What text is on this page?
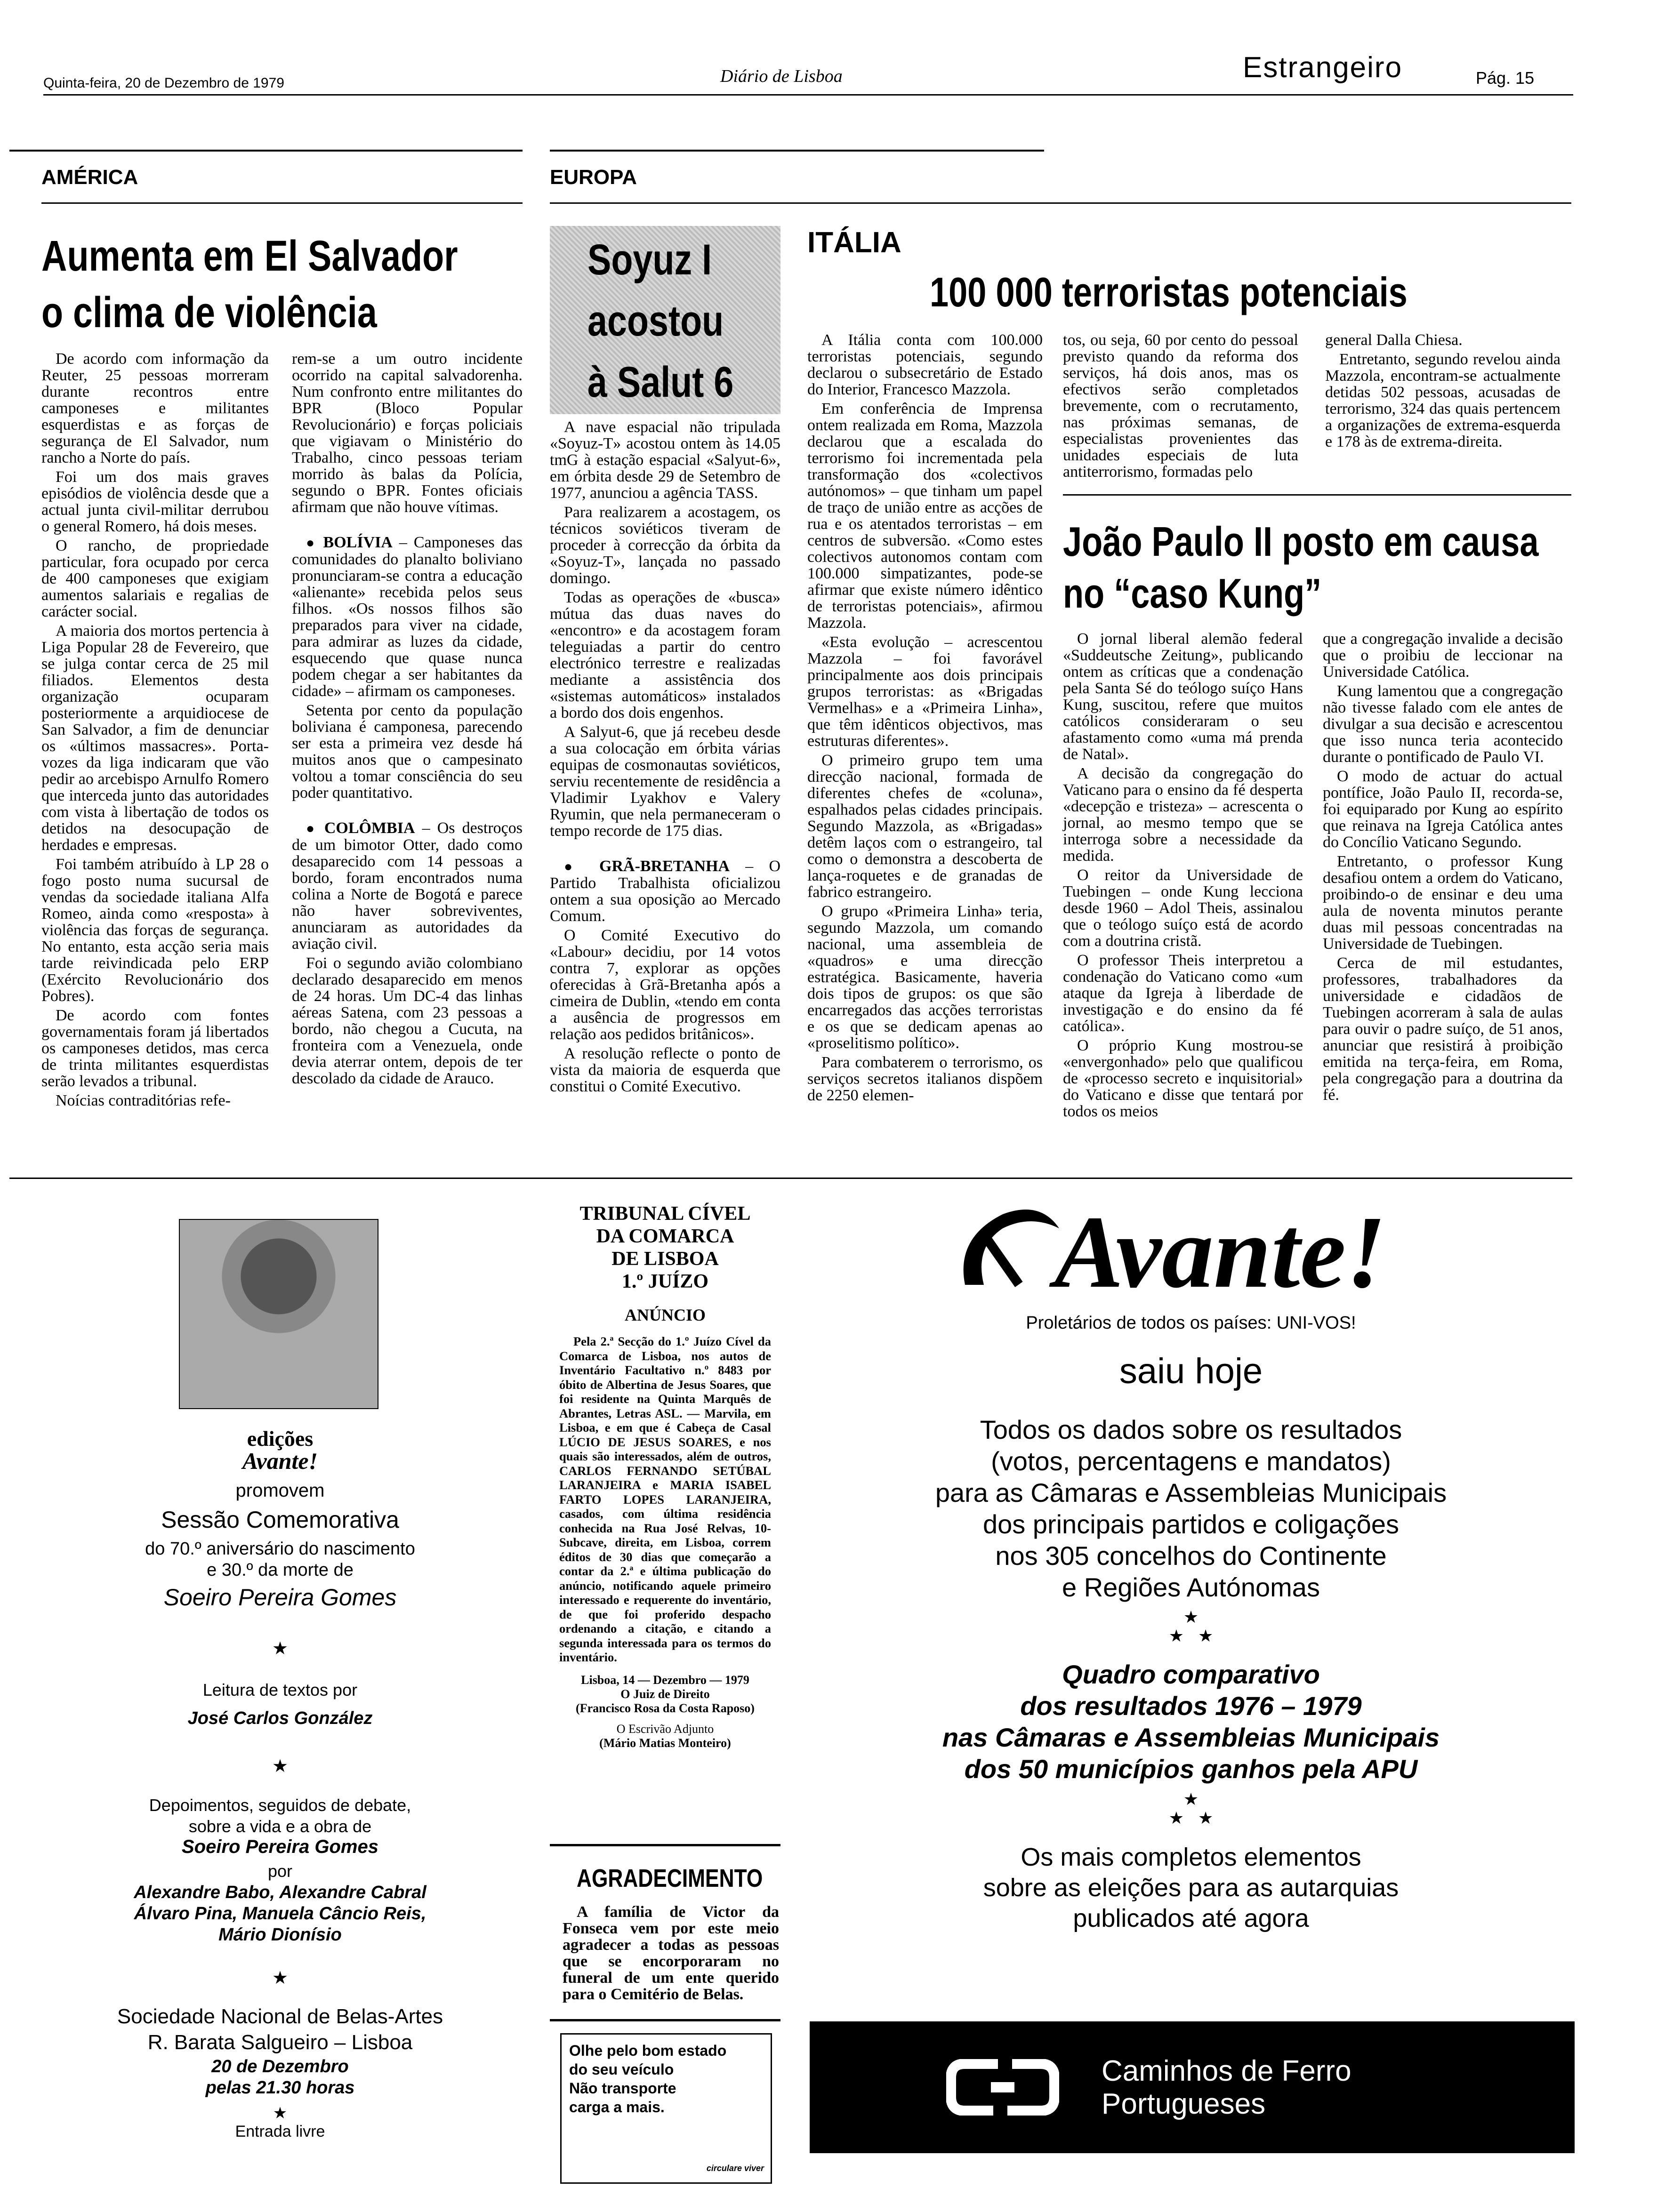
Quinta-feira, 20 de Dezembro de 1979	Diário de Lisboa	Estrangeiro	Pág. 15
AMÉRICA
Aumenta em El Salvador
o clima de violência

De acordo com informação da Reuter, 25 pessoas morreram durante recontros entre camponeses e militantes esquerdistas e as forças de segurança de El Salvador, num rancho a Norte do país.

Foi um dos mais graves episódios de violência desde que a actual junta civil-militar derrubou o general Romero, há dois meses.

O rancho, de propriedade particular, fora ocupado por cerca de 400 camponeses que exigiam aumentos salariais e regalias de carácter social.

A maioria dos mortos pertencia à Liga Popular 28 de Fevereiro, que se julga contar cerca de 25 mil filiados. Elementos desta organização ocuparam posteriormente a arquidiocese de San Salvador, a fim de denunciar os «últimos massacres». Porta-vozes da liga indicaram que vão pedir ao arcebispo Arnulfo Romero que interceda junto das autoridades com vista à libertação de todos os detidos na desocupação de herdades e empresas.

Foi também atribuído à LP 28 o fogo posto numa sucursal de vendas da sociedade italiana Alfa Romeo, ainda como «resposta» à violência das forças de segurança. No entanto, esta acção seria mais tarde reivindicada pelo ERP (Exército Revolucionário dos Pobres).

De acordo com fontes governamentais foram já libertados os camponeses detidos, mas cerca de trinta militantes esquerdistas serão levados a tribunal.

Noícias contraditórias refe-

rem-se a um outro incidente ocorrido na capital salvadorenha. Num confronto entre militantes do BPR (Bloco Popular Revolucionário) e forças policiais que vigiavam o Ministério do Trabalho, cinco pessoas teriam morrido às balas da Polícia, segundo o BPR. Fontes oficiais afirmam que não houve vítimas.

● BOLÍVIA – Camponeses das comunidades do planalto boliviano pronunciaram-se contra a educação «alienante» recebida pelos seus filhos. «Os nossos filhos são preparados para viver na cidade, para admirar as luzes da cidade, esquecendo que quase nunca podem chegar a ser habitantes da cidade» – afirmam os camponeses.

Setenta por cento da população boliviana é camponesa, parecendo ser esta a primeira vez desde há muitos anos que o campesinato voltou a tomar consciência do seu poder quantitativo.

● COLÔMBIA – Os destroços de um bimotor Otter, dado como desaparecido com 14 pessoas a bordo, foram encontrados numa colina a Norte de Bogotá e parece não haver sobreviventes, anunciaram as autoridades da aviação civil.

Foi o segundo avião colombiano declarado desaparecido em menos de 24 horas. Um DC-4 das linhas aéreas Satena, com 23 pessoas a bordo, não chegou a Cucuta, na fronteira com a Venezuela, onde devia aterrar ontem, depois de ter descolado da cidade de Arauco.

EUROPA
Soyuz I
acostou
à Salut 6

A nave espacial não tripulada «Soyuz-T» acostou ontem às 14.05 tmG à estação espacial «Salyut-6», em órbita desde 29 de Setembro de 1977, anunciou a agência TASS.

Para realizarem a acostagem, os técnicos soviéticos tiveram de proceder à correcção da órbita da «Soyuz-T», lançada no passado domingo.

Todas as operações de «busca» mútua das duas naves do «encontro» e da acostagem foram teleguiadas a partir do centro electrónico terrestre e realizadas mediante a assistência dos «sistemas automáticos» instalados a bordo dos dois engenhos.

A Salyut-6, que já recebeu desde a sua colocação em órbita várias equipas de cosmonautas soviéticos, serviu recentemente de residência a Vladimir Lyakhov e Valery Ryumin, que nela permaneceram o tempo recorde de 175 dias.

● GRÃ-BRETANHA – O Partido Trabalhista oficializou ontem a sua oposição ao Mercado Comum.

O Comité Executivo do «Labour» decidiu, por 14 votos contra 7, explorar as opções oferecidas à Grã-Bretanha após a cimeira de Dublin, «tendo em conta a ausência de progressos em relação aos pedidos britânicos».

A resolução reflecte o ponto de vista da maioria de esquerda que constitui o Comité Executivo.

ITÁLIA
100 000 terroristas potenciais

A Itália conta com 100.000 terroristas potenciais, segundo declarou o subsecretário de Estado do Interior, Francesco Mazzola.

Em conferência de Imprensa ontem realizada em Roma, Mazzola declarou que a escalada do terrorismo foi incrementada pela transformação dos «colectivos autónomos» – que tinham um papel de traço de união entre as acções de rua e os atentados terroristas – em centros de subversão. «Como estes colectivos autonomos contam com 100.000 simpatizantes, pode-se afirmar que existe número idêntico de terroristas potenciais», afirmou Mazzola.

«Esta evolução – acrescentou Mazzola – foi favorável principalmente aos dois principais grupos terroristas: as «Brigadas Vermelhas» e a «Primeira Linha», que têm idênticos objectivos, mas estruturas diferentes».

O primeiro grupo tem uma direcção nacional, formada de diferentes chefes de «coluna», espalhados pelas cidades principais. Segundo Mazzola, as «Brigadas» detêm laços com o estrangeiro, tal como o demonstra a descoberta de lança-roquetes e de granadas de fabrico estrangeiro.

O grupo «Primeira Linha» teria, segundo Mazzola, um comando nacional, uma assembleia de «quadros» e uma direcção estratégica. Basicamente, haveria dois tipos de grupos: os que são encarregados das acções terroristas e os que se dedicam apenas ao «proselitismo político».

Para combaterem o terrorismo, os serviços secretos italianos dispõem de 2250 elemen-

tos, ou seja, 60 por cento do pessoal previsto quando da reforma dos serviços, há dois anos, mas os efectivos serão completados brevemente, com o recrutamento, nas próximas semanas, de especialistas provenientes das unidades especiais de luta antiterrorismo, formadas pelo

general Dalla Chiesa.

Entretanto, segundo revelou ainda Mazzola, encontram-se actualmente detidas 502 pessoas, acusadas de terrorismo, 324 das quais pertencem a organizações de extrema-esquerda e 178 às de extrema-direita.

João Paulo II posto em causa
no “caso Kung”

O jornal liberal alemão federal «Suddeutsche Zeitung», publicando ontem as críticas que a condenação pela Santa Sé do teólogo suíço Hans Kung, suscitou, refere que muitos católicos consideraram o seu afastamento como «uma má prenda de Natal».

A decisão da congregação do Vaticano para o ensino da fé desperta «decepção e tristeza» – acrescenta o jornal, ao mesmo tempo que se interroga sobre a necessidade da medida.

O reitor da Universidade de Tuebingen – onde Kung lecciona desde 1960 – Adol Theis, assinalou que o teólogo suíço está de acordo com a doutrina cristã.

O professor Theis interpretou a condenação do Vaticano como «um ataque da Igreja à liberdade de investigação e do ensino da fé católica».

O próprio Kung mostrou-se «envergonhado» pelo que qualificou de «processo secreto e inquisitorial» do Vaticano e disse que tentará por todos os meios

que a congregação invalide a decisão que o proibiu de leccionar na Universidade Católica.

Kung lamentou que a congregação não tivesse falado com ele antes de divulgar a sua decisão e acrescentou que isso nunca teria acontecido durante o pontificado de Paulo VI.

O modo de actuar do actual pontífice, João Paulo II, recorda-se, foi equiparado por Kung ao espírito que reinava na Igreja Católica antes do Concílio Vaticano Segundo.

Entretanto, o professor Kung desafiou ontem a ordem do Vaticano, proibindo-o de ensinar e deu uma aula de noventa minutos perante duas mil pessoas concentradas na Universidade de Tuebingen.

Cerca de mil estudantes, professores, trabalhadores da universidade e cidadãos de Tuebingen acorreram à sala de aulas para ouvir o padre suíço, de 51 anos, anunciar que resistirá à proibição emitida na terça-feira, em Roma, pela congregação para a doutrina da fé.

edições
Avante!
promovem
Sessão Comemorativa
do 70.º aniversário do nascimento
e 30.º da morte de
Soeiro Pereira Gomes
★
Leitura de textos por
José Carlos González
★
Depoimentos, seguidos de debate,
sobre a vida e a obra de
Soeiro Pereira Gomes
por
Alexandre Babo, Alexandre Cabral
Álvaro Pina, Manuela Câncio Reis,
Mário Dionísio
★
Sociedade Nacional de Belas-Artes
R. Barata Salgueiro – Lisboa
20 de Dezembro
pelas 21.30 horas
★
Entrada livre
TRIBUNAL CÍVEL
DA COMARCA
DE LISBOA
1.º JUÍZO
ANÚNCIO
Pela 2.ª Secção do 1.º Juízo Cível da Comarca de Lisboa, nos autos de Inventário Facultativo n.º 8483 por óbito de Albertina de Jesus Soares, que foi residente na Quinta Marquês de Abrantes, Letras ASL. — Marvila, em Lisboa, e em que é Cabeça de Casal LÚCIO DE JESUS SOARES, e nos quais são interessados, além de outros, CARLOS FERNANDO SETÚBAL LARANJEIRA e MARIA ISABEL FARTO LOPES LARANJEIRA, casados, com última residência conhecida na Rua José Relvas, 10-Subcave, direita, em Lisboa, correm éditos de 30 dias que começarão a contar da 2.ª e última publicação do anúncio, notificando aquele primeiro interessado e requerente do inventário, de que foi proferido despacho ordenando a citação, e citando a segunda interessada para os termos do inventário.
Lisboa, 14 — Dezembro — 1979
O Juiz de Direito
(Francisco Rosa da Costa Raposo)
O Escrivão Adjunto
(Mário Matias Monteiro)
AGRADECIMENTO
A família de Victor da Fonseca vem por este meio agradecer a todas as pessoas que se encorporaram no funeral de um ente querido para o Cemitério de Belas.
Olhe pelo bom estado
do seu veículo
Não transporte
carga a mais.
circulare viver
Avante!
Proletários de todos os países: UNI-VOS!
saiu hoje
Todos os dados sobre os resultados
(votos, percentagens e mandatos)
para as Câmaras e Assembleias Municipais
dos principais partidos e coligações
nos 305 concelhos do Continente
e Regiões Autónomas
★
★   ★
Quadro comparativo
dos resultados 1976 – 1979
nas Câmaras e Assembleias Municipais
dos 50 municípios ganhos pela APU
★
★   ★
Os mais completos elementos
sobre as eleições para as autarquias
publicados até agora
Caminhos de Ferro
Portugueses
